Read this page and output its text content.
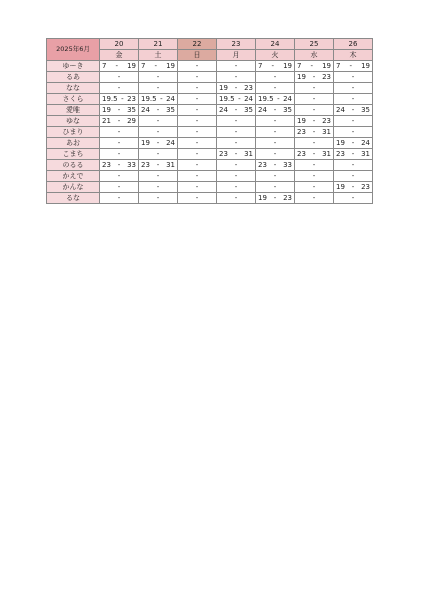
2025年6月	20	21	22	23	24	25	26
	金	土	日	月	火	水	木
ゆーき	7 - 19	7 - 19	-	-	7 - 19	7 - 19	7 - 19

るあ	-	-	-	-	-	19 - 23	-
なな	-	-	-	19 - 23	-	-	-
さくら	19.5 - 23	19.5 - 24	-	19.5 - 24	19.5 - 24	-	-
愛唯	19 - 35	24 - 35	-	24 - 35	24 - 35	-	24 - 35

ゆな	21 - 29	-	-	-	-	19 - 23	-
ひまり	-	-	-	-	-	23 - 31	-
あお	-	19 - 24	-	-	-	-	19 - 24

こまち	-	-	-	23 - 31	-	23 - 31	23 - 31

のるる	23 - 33	23 - 31	-	-	23 - 33	-	-
かえで	-	-	-	-	-	-	-
かんな	-	-	-	-	-	-	19 - 23

るな	-	-	-	-	19 - 23	-	-
